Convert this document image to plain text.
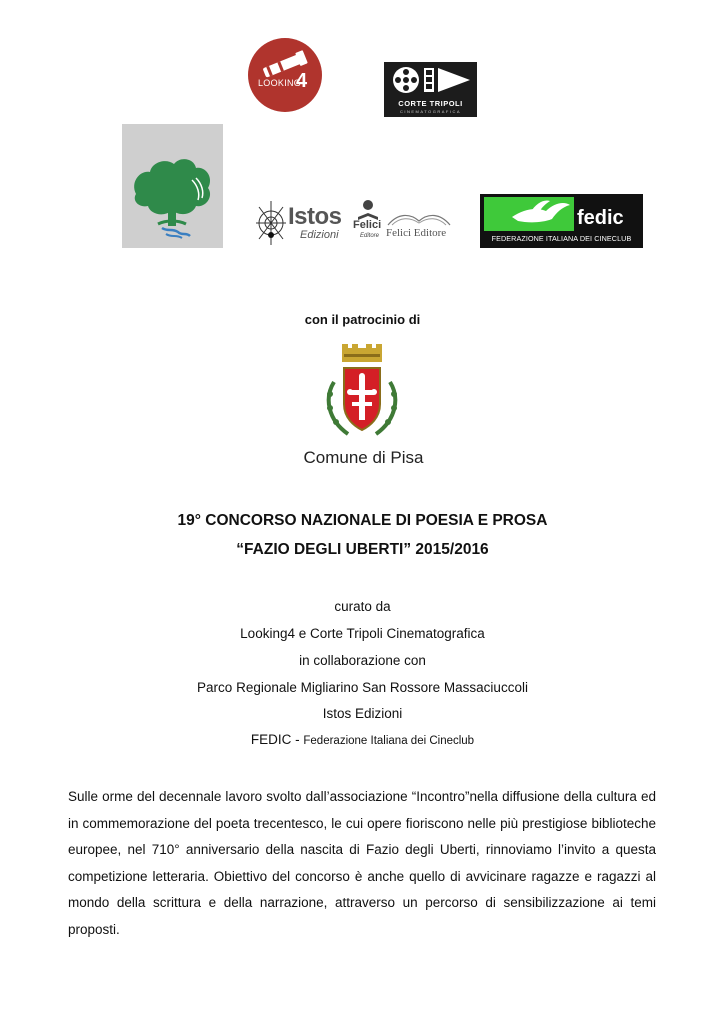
LOOKING
4
CORTE TRIPOLI
CINEMATOGRAFICA
Istos
Edizioni
Felici
Editore Felici Editore
fedic
FEDERAZIONE ITALIANA DEI CINECLUB
con il patrocinio di
Comune di Pisa
19° CONCORSO NAZIONALE DI POESIA E PROSA
“FAZIO DEGLI UBERTI” 2015/2016
curato da
Looking4 e Corte Tripoli Cinematografica
in collaborazione con
Parco Regionale Migliarino San Rossore Massaciuccoli
Istos Edizioni
FEDIC - Federazione Italiana dei Cineclub
Sulle orme del decennale lavoro svolto dall’associazione “Incontro”nella diffusione della cultura ed in commemorazione del poeta trecentesco, le cui opere fioriscono nelle più prestigiose biblioteche europee, nel 710° anniversario della nascita di Fazio degli Uberti, rinnoviamo l’invito a questa competizione letteraria. Obiettivo del concorso è anche quello di avvicinare ragazze e ragazzi al mondo della scrittura e della narrazione, attraverso un percorso di sensibilizzazione ai temi proposti.
